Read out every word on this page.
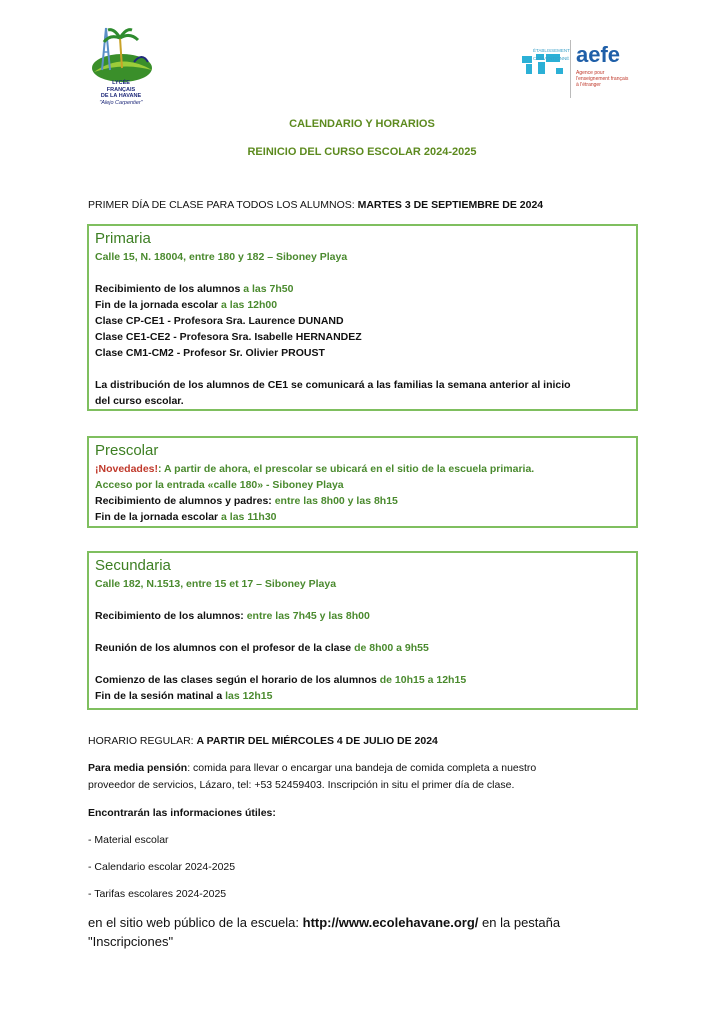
LYCÉE
FRANÇAIS
DE LA HAVANE
"Alejo Carpentier"
ÉTABLISSEMENT
CONVENTIONNÉ aefe
Agence pour
l'enseignement français
à l'étranger
CALENDARIO Y HORARIOS
REINICIO DEL CURSO ESCOLAR 2024-2025
PRIMER DÍA DE CLASE PARA TODOS LOS ALUMNOS: MARTES 3 DE SEPTIEMBRE DE 2024
Primaria
Calle 15, N. 18004, entre 180 y 182 – Siboney Playa
Recibimiento de los alumnos a las 7h50
Fin de la jornada escolar a las 12h00
Clase CP-CE1 - Profesora Sra. Laurence DUNAND
Clase CE1-CE2 - Profesora Sra. Isabelle HERNANDEZ
Clase CM1-CM2 - Profesor Sr. Olivier PROUST
La distribución de los alumnos de CE1 se comunicará a las familias la semana anterior al inicio
del curso escolar.
Prescolar
¡Novedades!: A partir de ahora, el prescolar se ubicará en el sitio de la escuela primaria.
Acceso por la entrada «calle 180» - Siboney Playa
Recibimiento de alumnos y padres: entre las 8h00 y las 8h15
Fin de la jornada escolar a las 11h30
Secundaria
Calle 182, N.1513, entre 15 et 17 – Siboney Playa
Recibimiento de los alumnos: entre las 7h45 y las 8h00
Reunión de los alumnos con el profesor de la clase de 8h00 a 9h55
Comienzo de las clases según el horario de los alumnos de 10h15 a 12h15
Fin de la sesión matinal a las 12h15
HORARIO REGULAR: A PARTIR DEL MIÉRCOLES 4 DE JULIO DE 2024
Para media pensión: comida para llevar o encargar una bandeja de comida completa a nuestro
proveedor de servicios, Lázaro, tel: +53 52459403. Inscripción in situ el primer día de clase.
Encontrarán las informaciones útiles:
- Material escolar
- Calendario escolar 2024-2025
- Tarifas escolares 2024-2025
en el sitio web público de la escuela: http://www.ecolehavane.org/ en la pestaña
"Inscripciones"
